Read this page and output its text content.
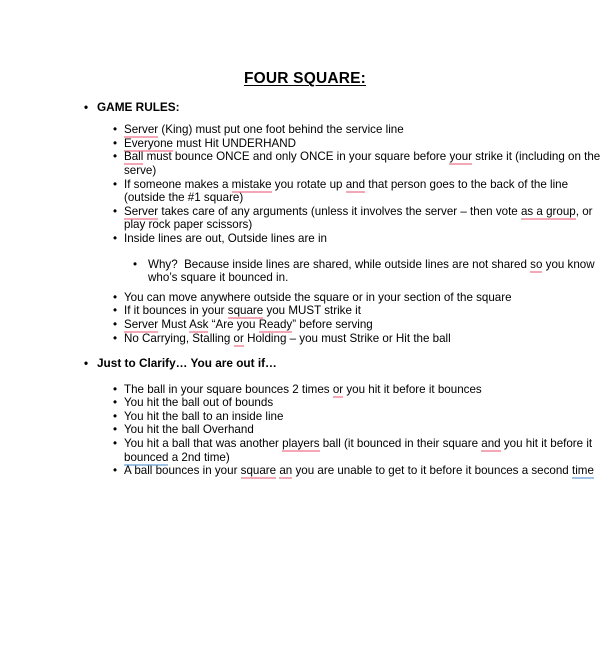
FOUR SQUARE:
• GAME RULES:
• Server (King) must put one foot behind the service line
• Everyone must Hit UNDERHAND
• Ball must bounce ONCE and only ONCE in your square before your strike it (including on the serve)
• If someone makes a mistake you rotate up and that person goes to the back of the line (outside the #1 square)
• Server takes care of any arguments (unless it involves the server – then vote as a group, or play rock paper scissors)
• Inside lines are out, Outside lines are in
• Why?  Because inside lines are shared, while outside lines are not shared so you know who’s square it bounced in.
• You can move anywhere outside the square or in your section of the square
• If it bounces in your square you MUST strike it
• Server Must Ask “Are you Ready” before serving
• No Carrying, Stalling or Holding – you must Strike or Hit the ball
• Just to Clarify… You are out if…
• The ball in your square bounces 2 times or you hit it before it bounces
• You hit the ball out of bounds
• You hit the ball to an inside line
• You hit the ball Overhand
• You hit a ball that was another players ball (it bounced in their square and you hit it before it bounced a 2nd time)
• A ball bounces in your square an you are unable to get to it before it bounces a second time
